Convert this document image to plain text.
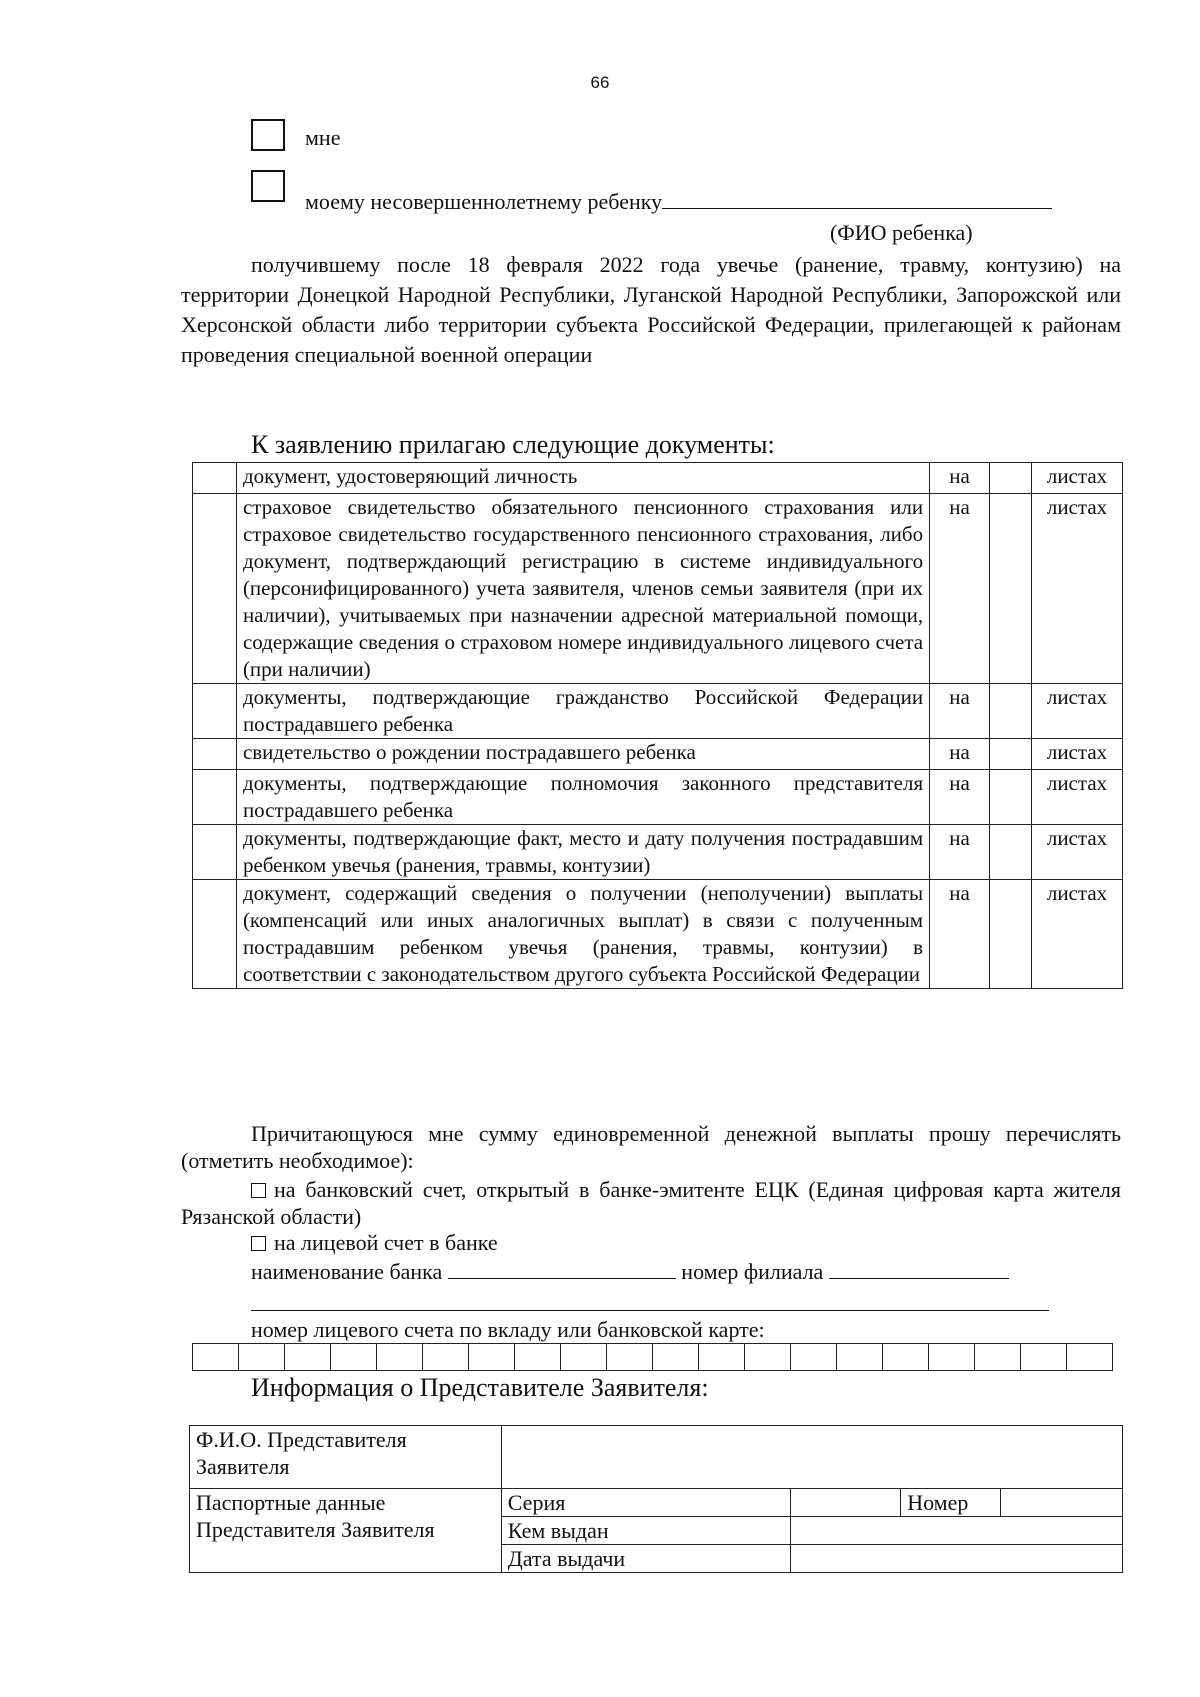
66
мне
моему несовершеннолетнему ребенку
(ФИО ребенка)
получившему после 18 февраля 2022 года увечье (ранение, травму, контузию) на территории Донецкой Народной Республики, Луганской Народной Республики, Запорожской или Херсонской области либо территории субъекта Российской Федерации, прилегающей к районам проведения специальной военной операции
К заявлению прилагаю следующие документы:
	документ, удостоверяющий личность	на		листах
	страховое свидетельство обязательного пенсионного страхования или страховое свидетельство государственного пенсионного страхования, либо документ, подтверждающий регистрацию в системе индивидуального (персонифицированного) учета заявителя, членов семьи заявителя (при их наличии), учитываемых при назначении адресной материальной помощи, содержащие сведения о страховом номере индивидуального лицевого счета (при наличии)	на		листах
	документы, подтверждающие гражданство Российской Федерации пострадавшего ребенка	на		листах
	свидетельство о рождении пострадавшего ребенка	на		листах
	документы, подтверждающие полномочия законного представителя пострадавшего ребенка	на		листах
	документы, подтверждающие факт, место и дату получения пострадавшим ребенком увечья (ранения, травмы, контузии)	на		листах
	документ, содержащий сведения о получении (неполучении) выплаты (компенсаций или иных аналогичных выплат) в связи с полученным пострадавшим ребенком увечья (ранения, травмы, контузии) в соответствии с законодательством другого субъекта Российской Федерации	на		листах
Причитающуюся мне сумму единовременной денежной выплаты прошу перечислять (отметить необходимое):
на банковский счет, открытый в банке-эмитенте ЕЦК (Единая цифровая карта жителя Рязанской области)
на лицевой счет в банке
наименование банка	номер филиала
номер лицевого счета по вкладу или банковской карте:

Информация о Представителе Заявителя:
Ф.И.О. Представителя Заявителя				
Паспортные данные Представителя Заявителя	Серия		Номер	
	Кем выдан			
	Дата выдачи			
